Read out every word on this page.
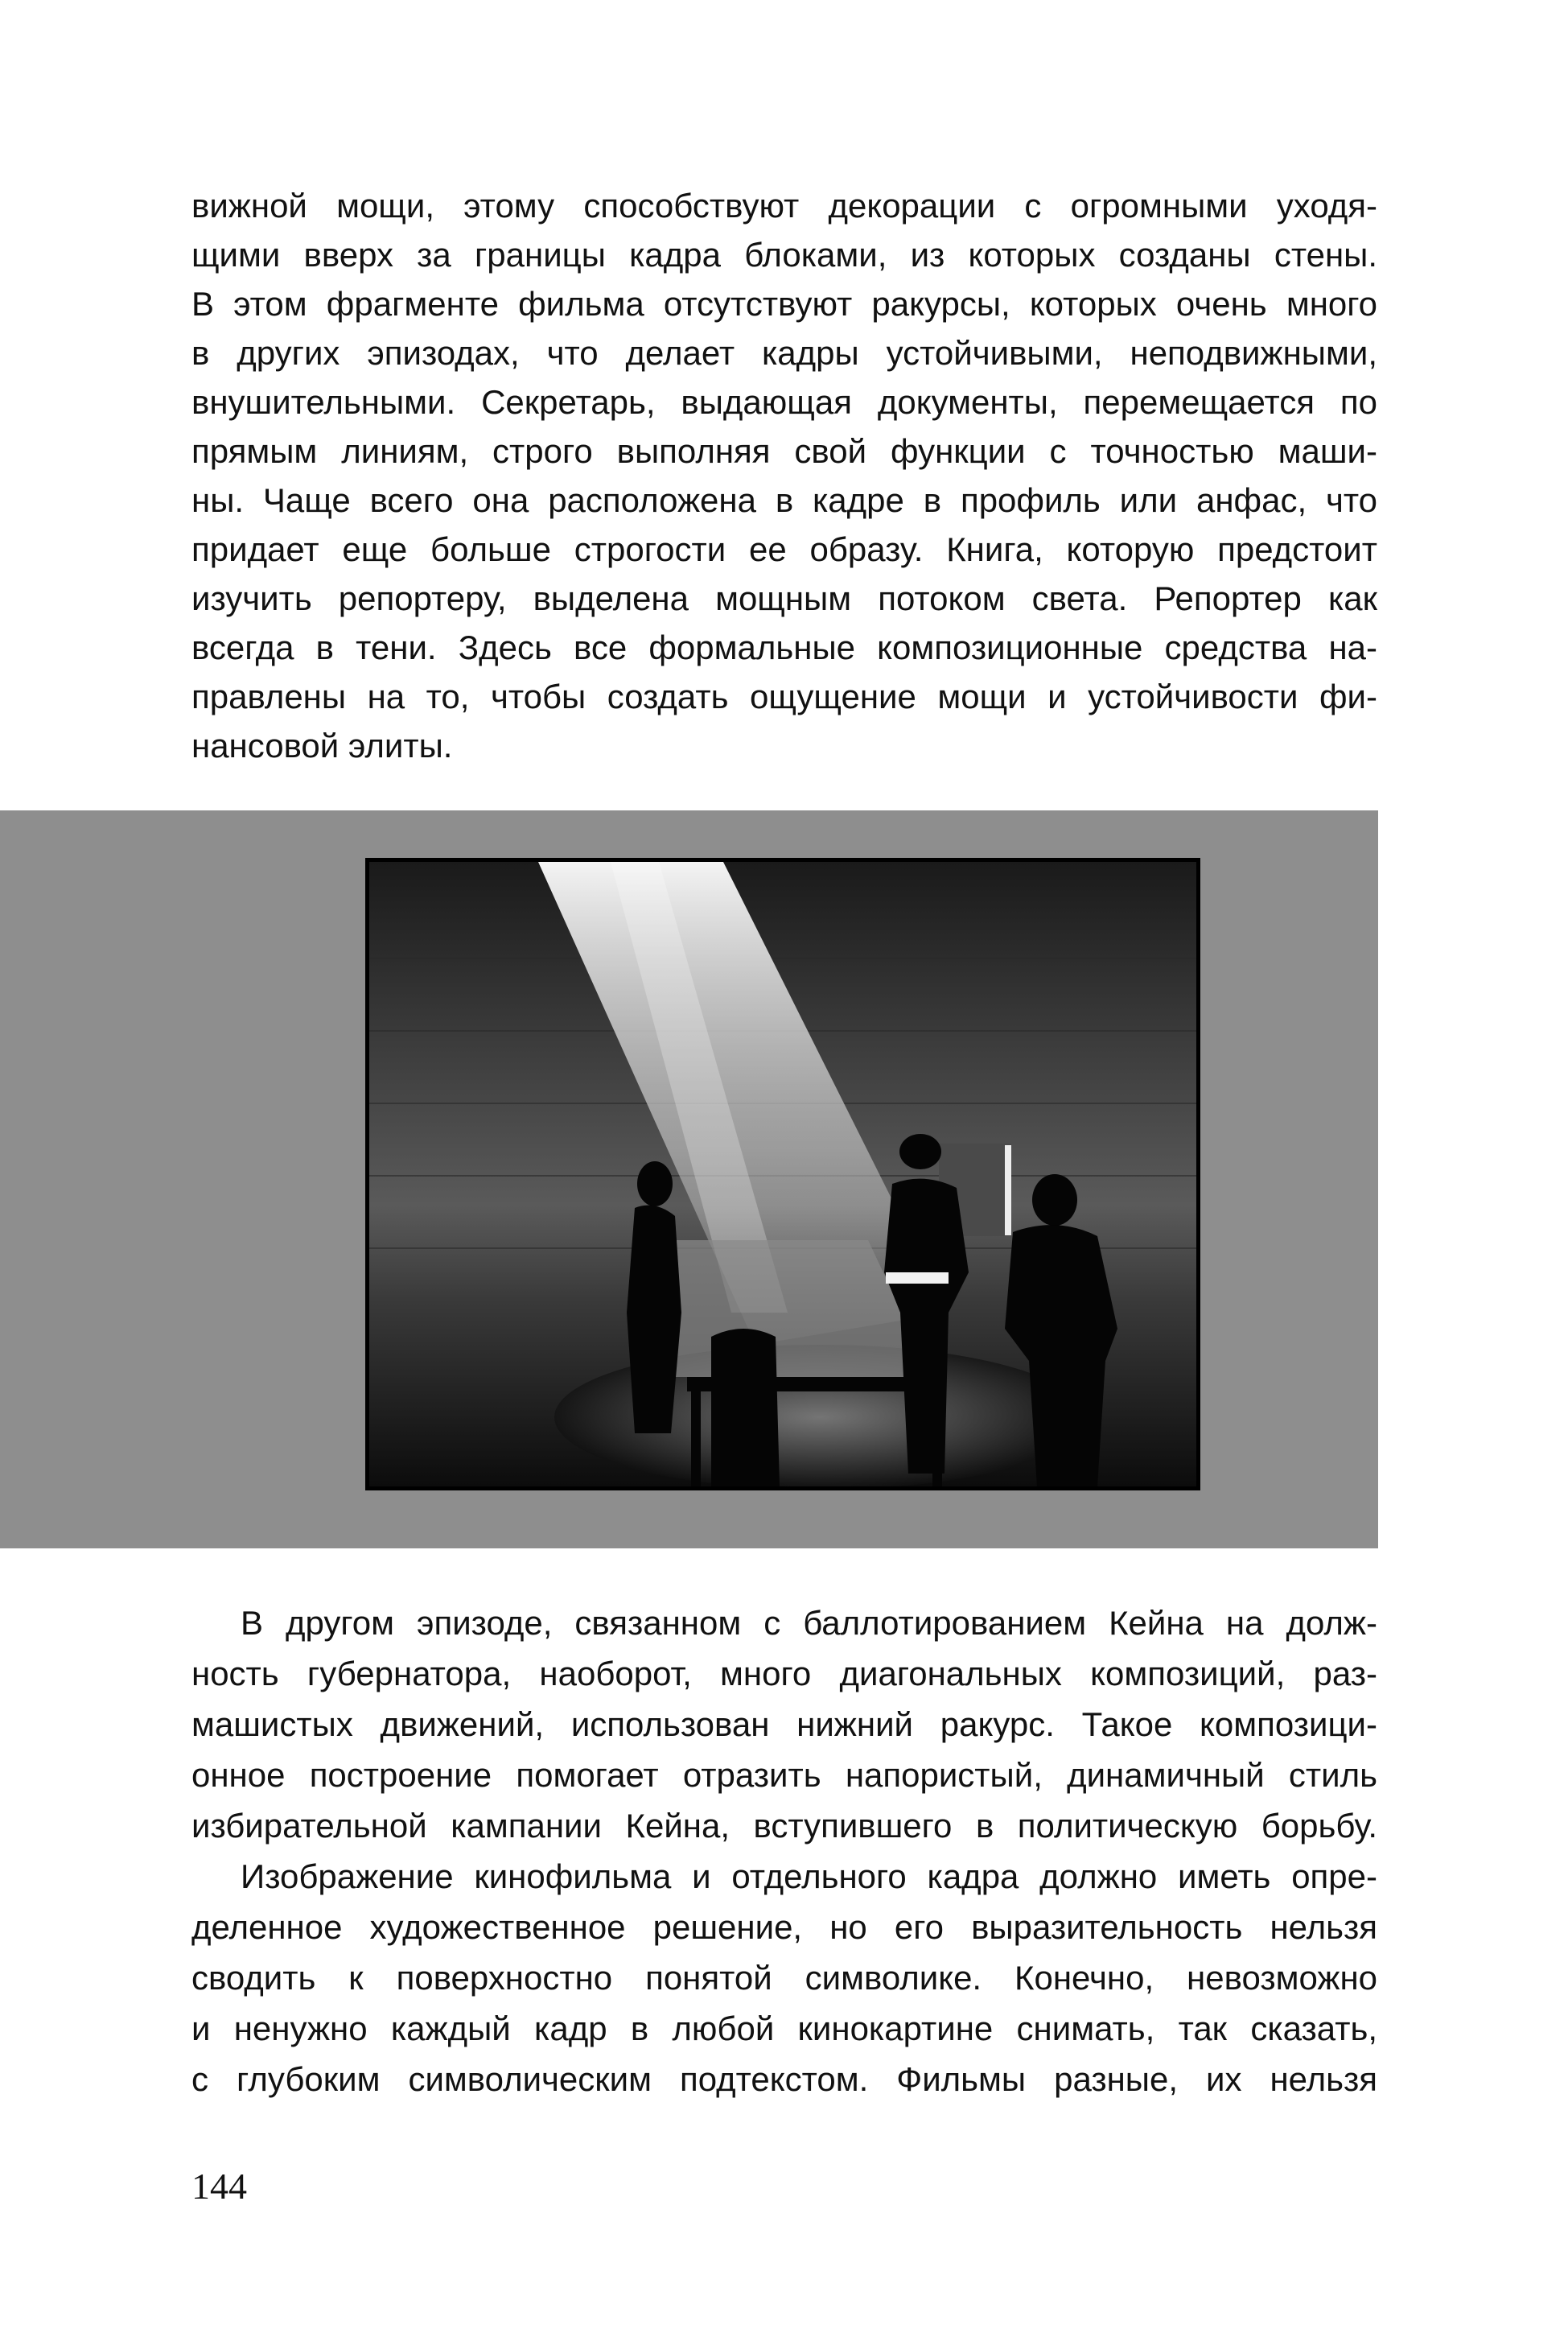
вижной мощи, этому способствуют декорации с огромными уходя-
щими вверх за границы кадра блоками, из которых созданы стены.
В этом фрагменте фильма отсутствуют ракурсы, которых очень много
в других эпизодах, что делает кадры устойчивыми, неподвижными,
внушительными. Секретарь, выдающая документы, перемещается по
прямым линиям, строго выполняя свой функции с точностью маши-
ны. Чаще всего она расположена в кадре в профиль или анфас, что
придает еще больше строгости ее образу. Книга, которую предстоит
изучить репортеру, выделена мощным потоком света. Репортер как
всегда в тени. Здесь все формальные композиционные средства на-
правлены на то, чтобы создать ощущение мощи и устойчивости фи-
нансовой элиты.
«Гражданин Кейн» Выразительность
В другом эпизоде, связанном с баллотированием Кейна на долж-
ность губернатора, наоборот, много диагональных композиций, раз-
машистых движений, использован нижний ракурс. Такое композици-
онное построение помогает отразить напористый, динамичный стиль
избирательной кампании Кейна, вступившего в политическую борьбу.
Изображение кинофильма и отдельного кадра должно иметь опре-
деленное художественное решение, но его выразительность нельзя
сводить к поверхностно понятой символике. Конечно, невозможно
и ненужно каждый кадр в любой кинокартине снимать, так сказать,
с глубоким символическим подтекстом. Фильмы разные, их нельзя
144
